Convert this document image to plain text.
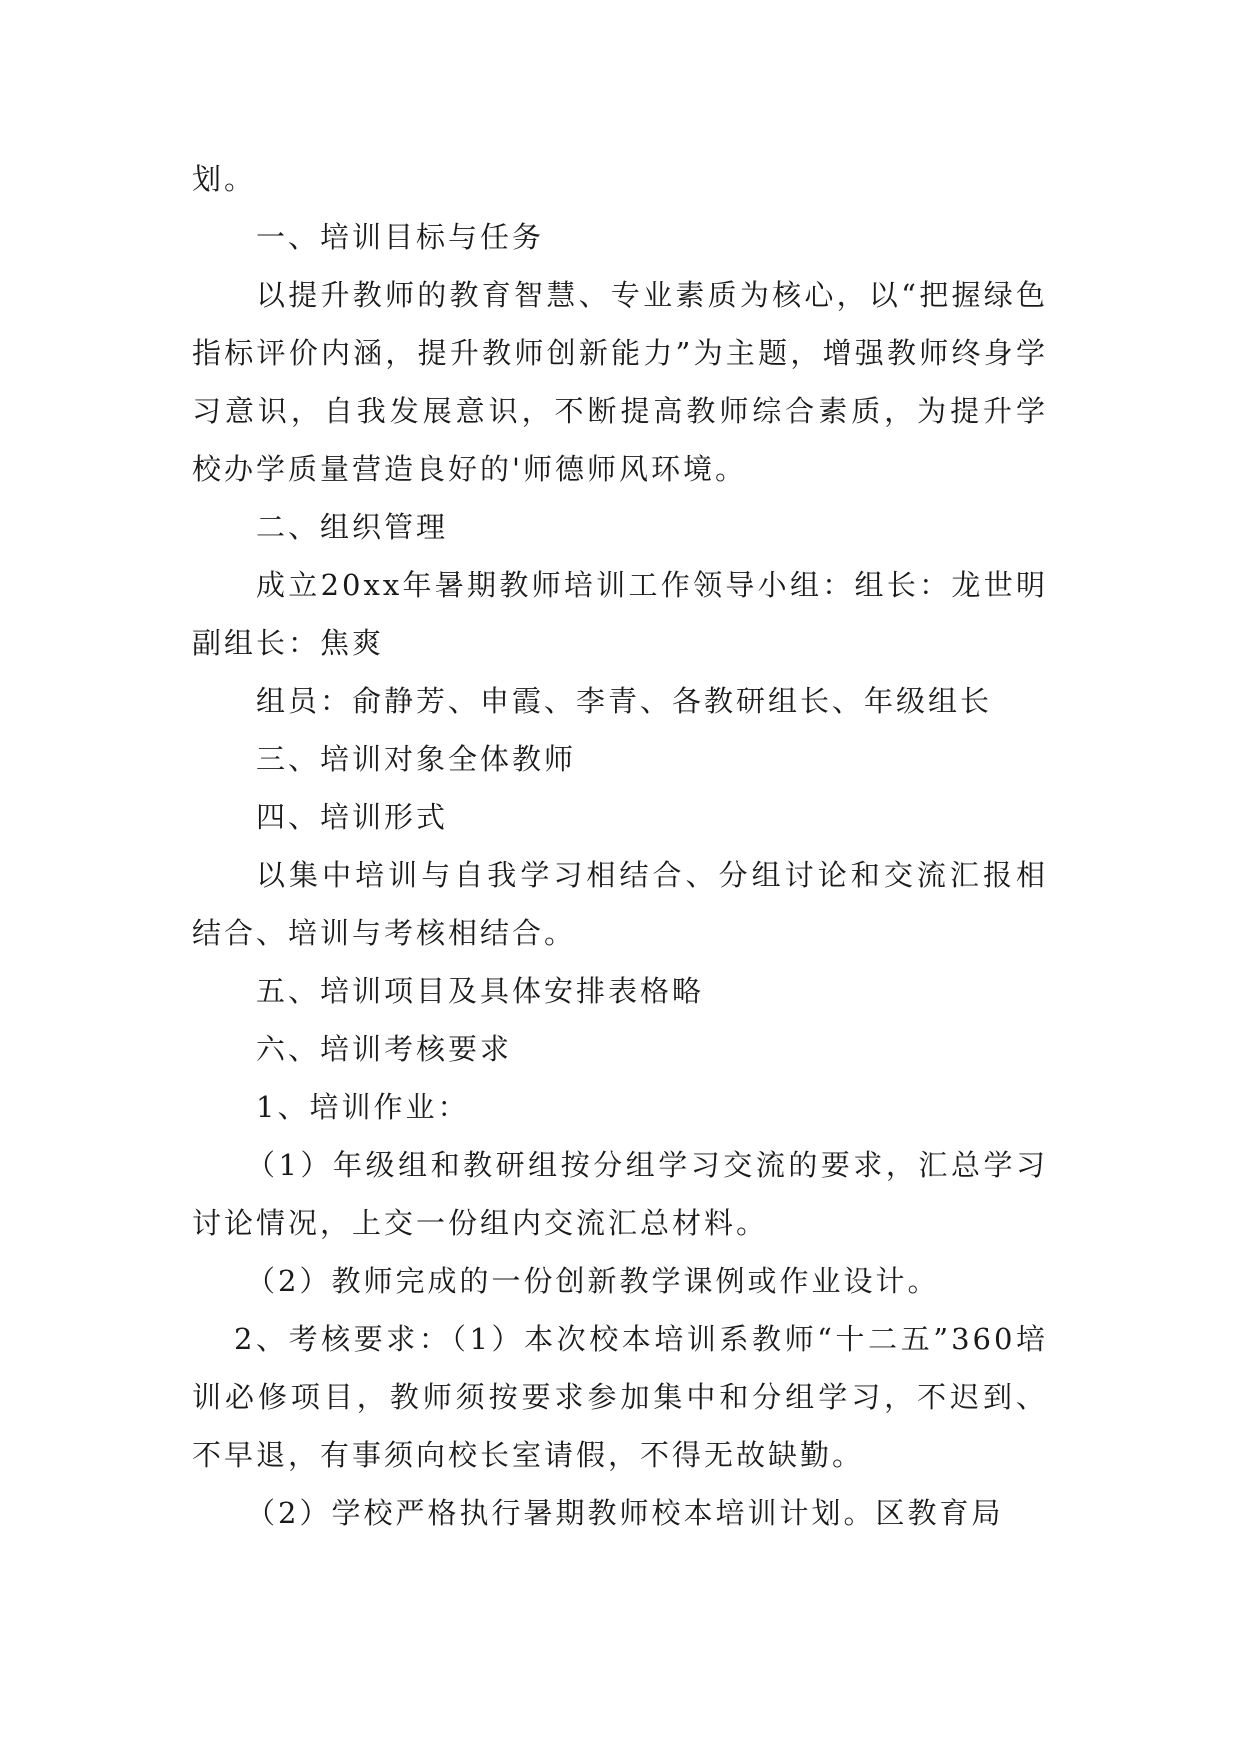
划。

一、培训目标与任务

以提升教师的教育智慧、专业素质为核心，以“把握绿色指标评价内涵，提升教师创新能力”为主题，增强教师终身学习意识，自我发展意识，不断提高教师综合素质，为提升学校办学质量营造良好的'师德师风环境。

二、组织管理

成立20xx年暑期教师培训工作领导小组：组长：龙世明副组长：焦爽

组员：俞静芳、申霞、李青、各教研组长、年级组长

三、培训对象全体教师

四、培训形式

以集中培训与自我学习相结合、分组讨论和交流汇报相结合、培训与考核相结合。

五、培训项目及具体安排表格略

六、培训考核要求

1、培训作业：

（1）年级组和教研组按分组学习交流的要求，汇总学习讨论情况，上交一份组内交流汇总材料。

（2）教师完成的一份创新教学课例或作业设计。

2、考核要求：（1）本次校本培训系教师“十二五”360培训必修项目，教师须按要求参加集中和分组学习，不迟到、不早退，有事须向校长室请假，不得无故缺勤。

（2）学校严格执行暑期教师校本培训计划。区教育局
